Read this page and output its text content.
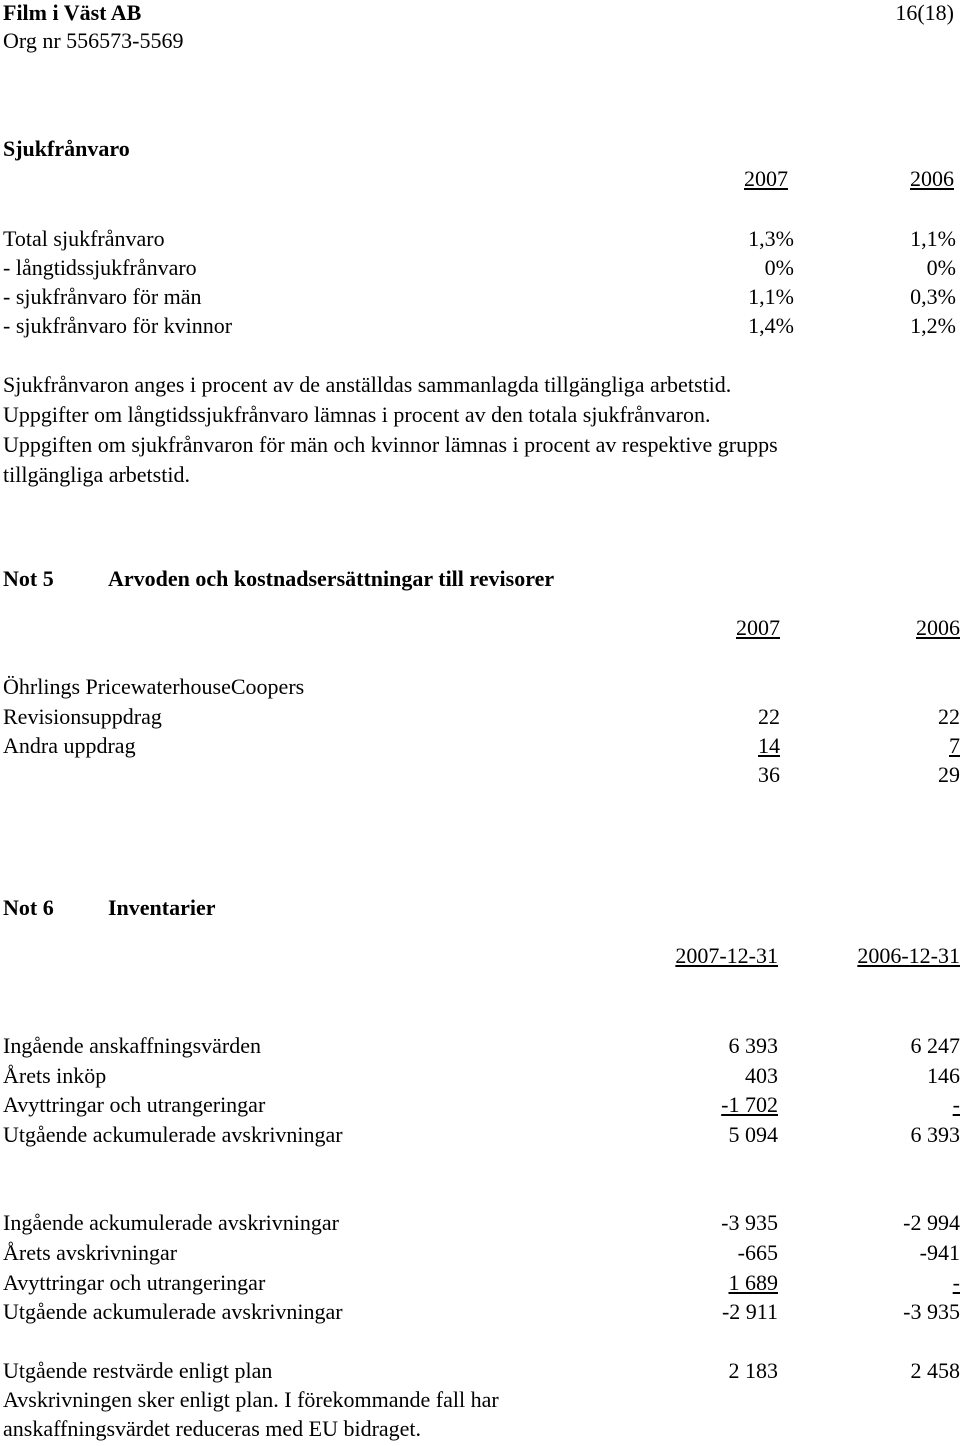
Film i Väst AB	16(18)
Org nr 556573-5569
Sjukfrånvaro
2007	2006
Total sjukfrånvaro	1,3%	1,1%
- långtidssjukfrånvaro	0%	0%
- sjukfrånvaro för män	1,1%	0,3%
- sjukfrånvaro för kvinnor	1,4%	1,2%
Sjukfrånvaron anges i procent av de anställdas sammanlagda tillgängliga arbetstid.
Uppgifter om långtidssjukfrånvaro lämnas i procent av den totala sjukfrånvaron.
Uppgiften om sjukfrånvaron för män och kvinnor lämnas i procent av respektive grupps
tillgängliga arbetstid.
Not 5 Arvoden och kostnadsersättningar till revisorer
2007	2006
Öhrlings PricewaterhouseCoopers
Revisionsuppdrag	22	22
Andra uppdrag	14	7
36	29
Not 6 Inventarier
2007-12-31	2006-12-31
Ingående anskaffningsvärden	6 393	6 247
Årets inköp	403	146
Avyttringar och utrangeringar	-1 702	-
Utgående ackumulerade avskrivningar	5 094	6 393
Ingående ackumulerade avskrivningar	-3 935	-2 994
Årets avskrivningar	-665	-941
Avyttringar och utrangeringar	1 689	-
Utgående ackumulerade avskrivningar	-2 911	-3 935
Utgående restvärde enligt plan	2 183	2 458
Avskrivningen sker enligt plan. I förekommande fall har
anskaffningsvärdet reduceras med EU bidraget.
